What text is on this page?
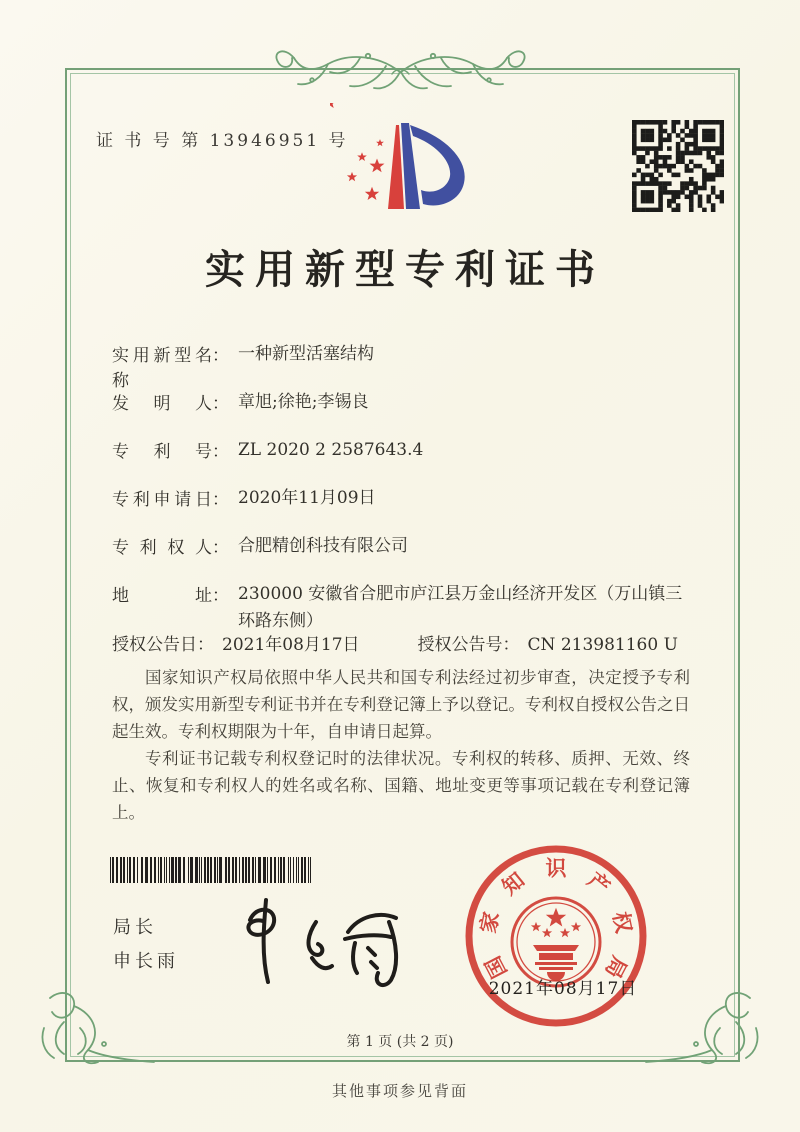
证 书 号 第 13946951 号
实用新型专利证书
实用新型名称： 一种新型活塞结构
发明人： 章旭;徐艳;李锡良
专利号： ZL 2020 2 2587643.4
专利申请日： 2020年11月09日
专利权人： 合肥精创科技有限公司
地址： 230000 安徽省合肥市庐江县万金山经济开发区（万山镇三环路东侧）
授权公告日： 2021年08月17日	授权公告号： CN 213981160 U

国家知识产权局依照中华人民共和国专利法经过初步审查，决定授予专利权，颁发实用新型专利证书并在专利登记簿上予以登记。专利权自授权公告之日起生效。专利权期限为十年，自申请日起算。

专利证书记载专利权登记时的法律状况。专利权的转移、质押、无效、终止、恢复和专利权人的姓名或名称、国籍、地址变更等事项记载在专利登记簿上。

局长
申长雨	国
家
知 识 产
权
局
2021年08月17日
第 1 页 (共 2 页)
其他事项参见背面
